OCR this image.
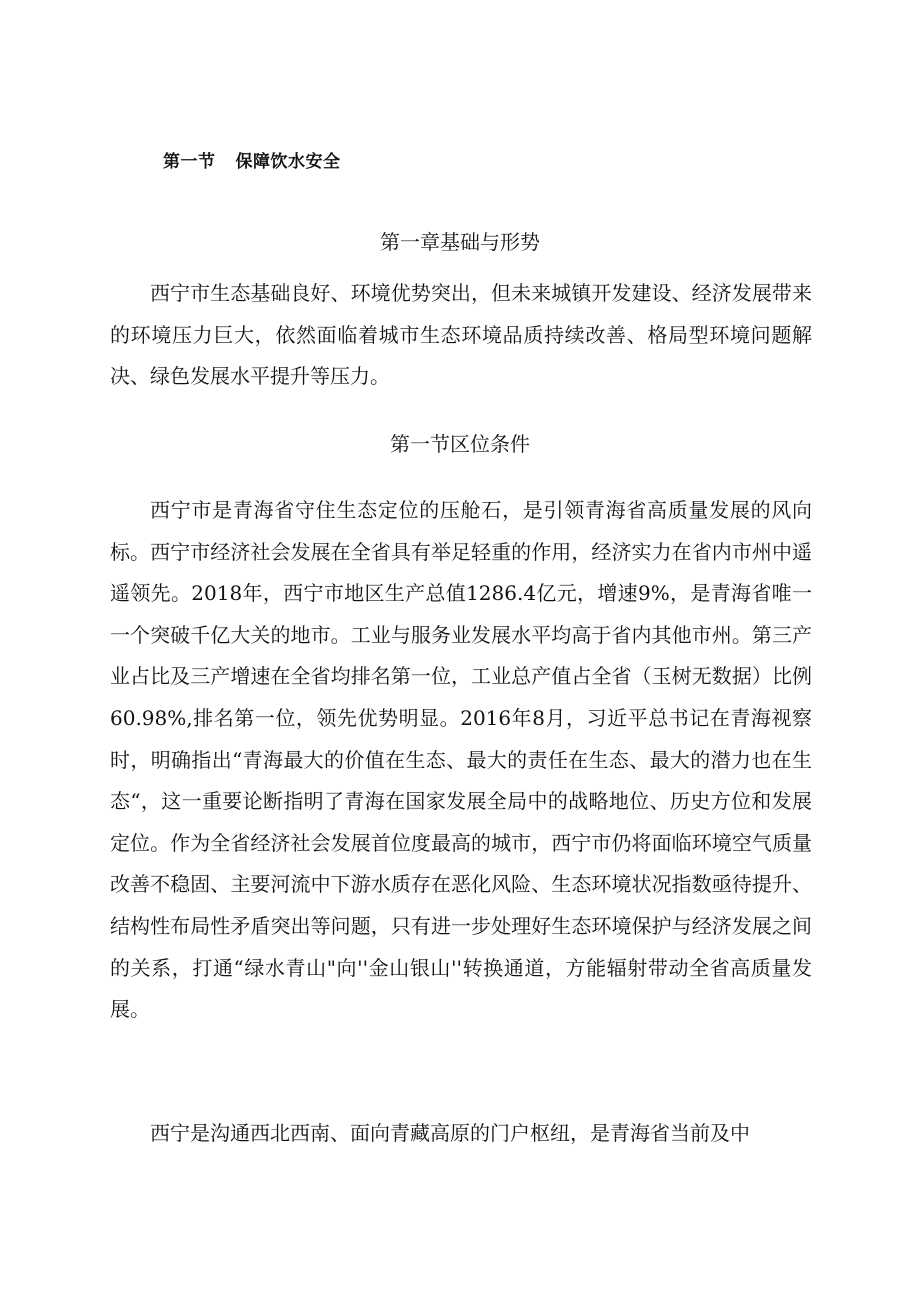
第一节 保障饮水安全
第一章基础与形势

西宁市生态基础良好、环境优势突出，但未来城镇开发建设、经济发展带来的环境压力巨大，依然面临着城市生态环境品质持续改善、格局型环境问题解决、绿色发展水平提升等压力。

第一节区位条件

西宁市是青海省守住生态定位的压舱石，是引领青海省高质量发展的风向标。西宁市经济社会发展在全省具有举足轻重的作用，经济实力在省内市州中遥遥领先。2018年，西宁市地区生产总值1286.4亿元，增速9%，是青海省唯一一个突破千亿大关的地市。工业与服务业发展水平均高于省内其他市州。第三产业占比及三产增速在全省均排名第一位，工业总产值占全省（玉树无数据）比例60.98%,排名第一位，领先优势明显。2016年8月，习近平总书记在青海视察时，明确指出“青海最大的价值在生态、最大的责任在生态、最大的潜力也在生态“，这一重要论断指明了青海在国家发展全局中的战略地位、历史方位和发展定位。作为全省经济社会发展首位度最高的城市，西宁市仍将面临环境空气质量改善不稳固、主要河流中下游水质存在恶化风险、生态环境状况指数亟待提升、结构性布局性矛盾突出等问题，只有进一步处理好生态环境保护与经济发展之间的关系，打通“绿水青山"向''金山银山''转换通道，方能辐射带动全省高质量发展。

西宁是沟通西北西南、面向青藏高原的门户枢纽，是青海省当前及中
